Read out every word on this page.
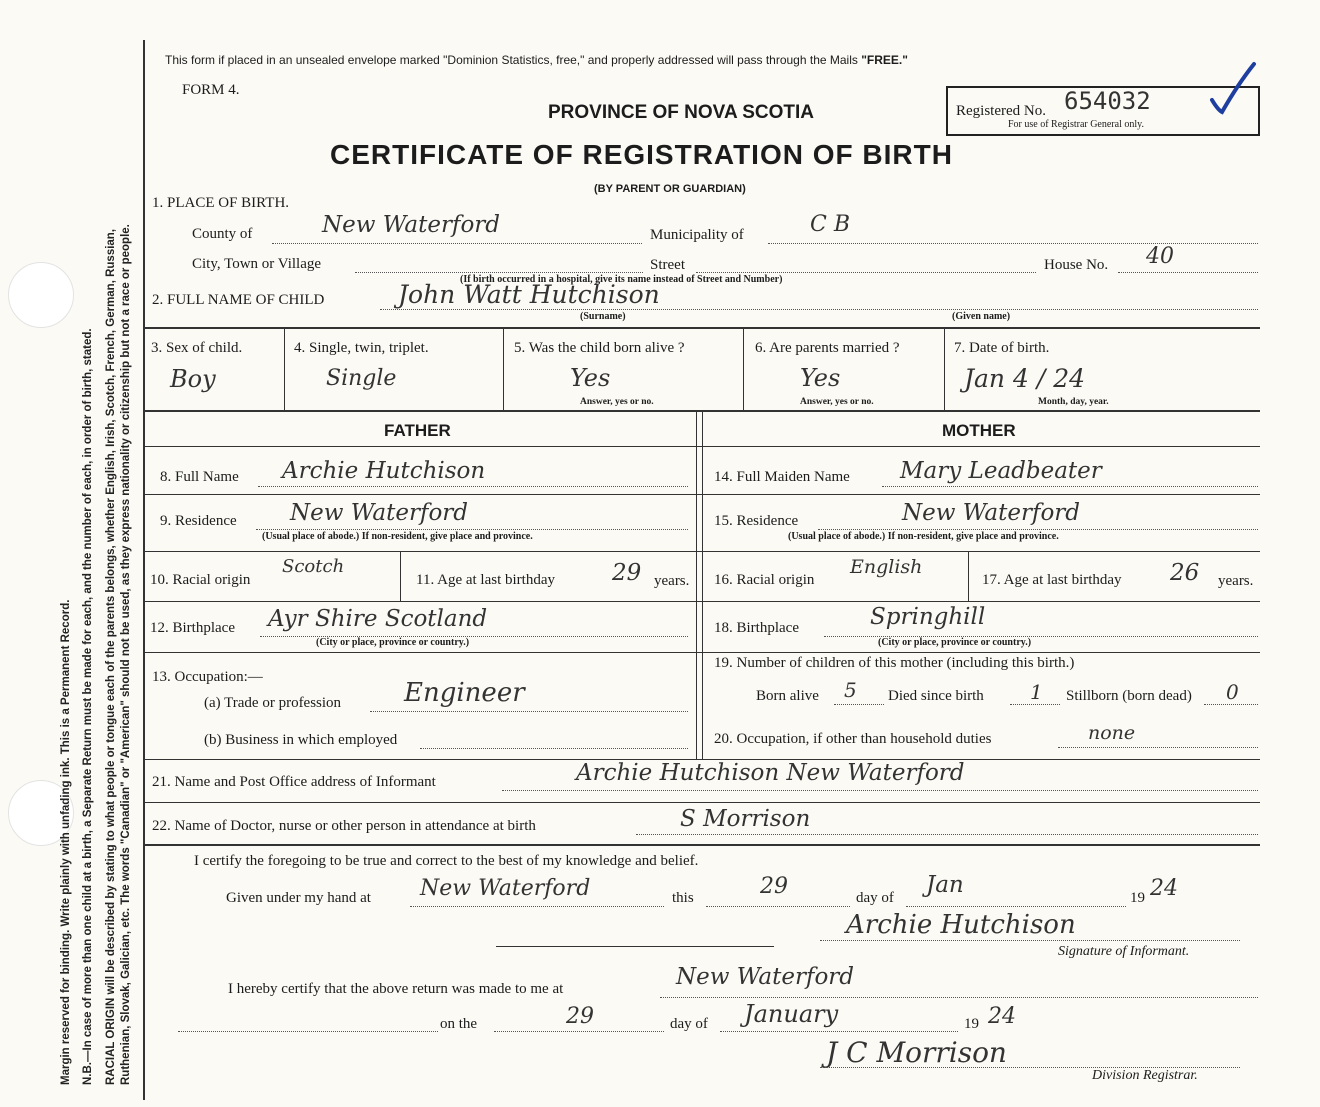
Margin reserved for binding. Write plainly with unfading ink. This is a Permanent Record. N.B.—In case of more than one child at a birth, a Separate Return must be made for each, and the number of each, in order of birth, stated. RACIAL ORIGIN will be described by stating to what people or tongue each of the parents belongs, whether English, Irish, Scotch, French, German, Russian, Ruthenian, Slovak, Galician, etc. The words "Canadian" or "American" should not be used, as they express nationality or citizenship but not a race or people.
This form if placed in an unsealed envelope marked "Dominion Statistics, free," and properly addressed will pass through the Mails "FREE."
FORM 4.
PROVINCE OF NOVA SCOTIA
CERTIFICATE OF REGISTRATION OF BIRTH
(BY PARENT OR GUARDIAN)
Registered No. 654032
For use of Registrar General only.
1. PLACE OF BIRTH.
County of	New Waterford	Municipality of	C B
City, Town or Village	Street	House No. 40
(If birth occurred in a hospital, give its name instead of Street and Number)
2. FULL NAME OF CHILD	John Watt Hutchison
(Surname)	(Given name)
3. Sex of child.
Boy
4. Single, twin, triplet.
Single
5. Was the child born alive ?
Yes
Answer, yes or no.
6. Are parents married ?
Yes
Answer, yes or no.
7. Date of birth.
Jan 4 / 24
Month, day, year.
FATHER
8. Full Name Archie Hutchison
9. Residence New Waterford
(Usual place of abode.) If non-resident, give place and province.
10. Racial origin
Scotch
11. Age at last birthday 29 years.
12. Birthplace Ayr Shire Scotland
(City or place, province or country.)
13. Occupation:—
(a) Trade or profession Engineer
(b) Business in which employed
MOTHER
14. Full Maiden Name Mary Leadbeater
15. Residence	New Waterford
(Usual place of abode.) If non-resident, give place and province.
16. Racial origin
English
17. Age at last birthday 26 years.
18. Birthplace	Springhill
(City or place, province or country.)
19. Number of children of this mother (including this birth.)
Born alive 5 Died since birth 1 Stillborn (born dead) 0
20. Occupation, if other than household duties	none
21. Name and Post Office address of Informant	Archie Hutchison New Waterford
22. Name of Doctor, nurse or other person in attendance at birth	S Morrison
I certify the foregoing to be true and correct to the best of my knowledge and belief.
Given under my hand at New Waterford	this	29	day of Jan	19 24
Archie Hutchison
Signature of Informant.
I hereby certify that the above return was made to me at	New Waterford
on the	29	day of January	19 24
J C Morrison
Division Registrar.
